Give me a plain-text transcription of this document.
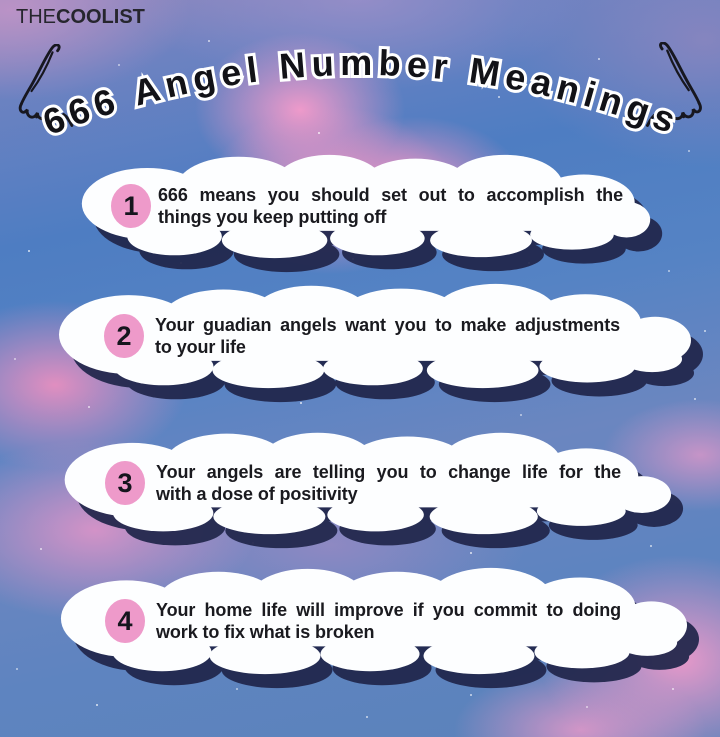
THECOOLIST
666 Angel Number Meanings
1	666 means you should set out to accomplish the
things you keep putting off
2	Your guadian angels want you to make adjustments
to your life
3	Your angels are telling you to change life for the
with a dose of positivity
4	Your home life will improve if you commit to doing
work to fix what is broken
